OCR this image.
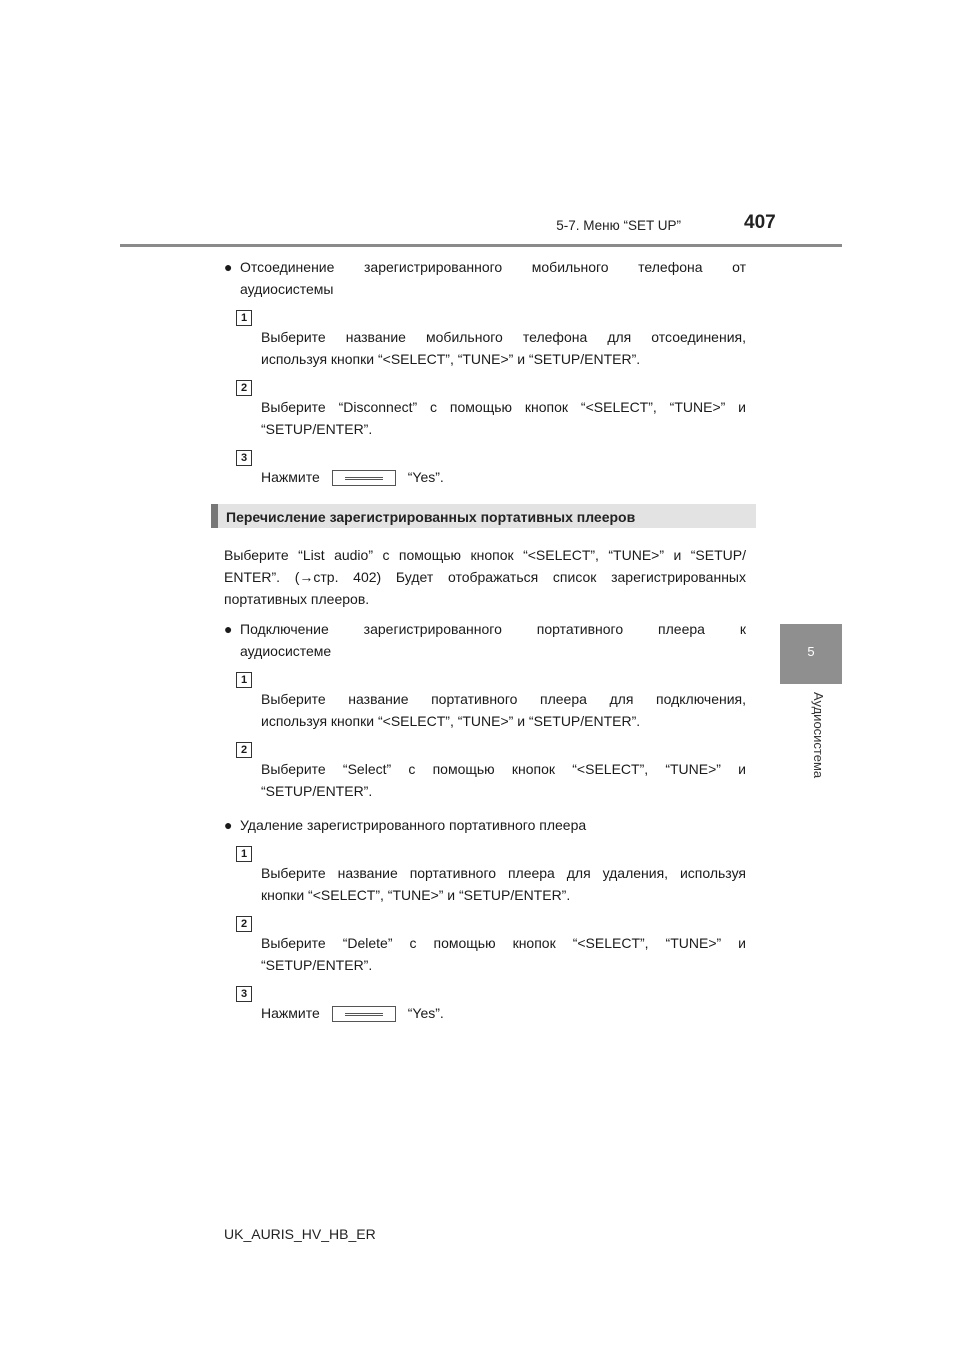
5-7. Меню “SET UP”	407
5
Аудиосистема
● Отсоединение зарегистрированного мобильного телефона от
аудиосистемы
1
Выберите название мобильного телефона для отсоединения,
используя кнопки “<SELECT”, “TUNE>” и “SETUP/ENTER”.
2
Выберите “Disconnect” с помощью кнопок “<SELECT”, “TUNE>” и
“SETUP/ENTER”.
3
Нажмите	“Yes”.
Перечисление зарегистрированных портативных плееров
Выберите “List audio” с помощью кнопок “<SELECT”, “TUNE>” и “SETUP/
ENTER”. (→стр. 402) Будет отображаться список зарегистрированных
портативных плееров.
● Подключение зарегистрированного портативного плеера к
аудиосистеме
1
Выберите название портативного плеера для подключения,
используя кнопки “<SELECT”, “TUNE>” и “SETUP/ENTER”.
2
Выберите “Select” с помощью кнопок “<SELECT”, “TUNE>” и
“SETUP/ENTER”.
● Удаление зарегистрированного портативного плеера
1
Выберите название портативного плеера для удаления, используя
кнопки “<SELECT”, “TUNE>” и “SETUP/ENTER”.
2
Выберите “Delete” с помощью кнопок “<SELECT”, “TUNE>” и
“SETUP/ENTER”.
3
Нажмите	“Yes”.
UK_AURIS_HV_HB_ER
